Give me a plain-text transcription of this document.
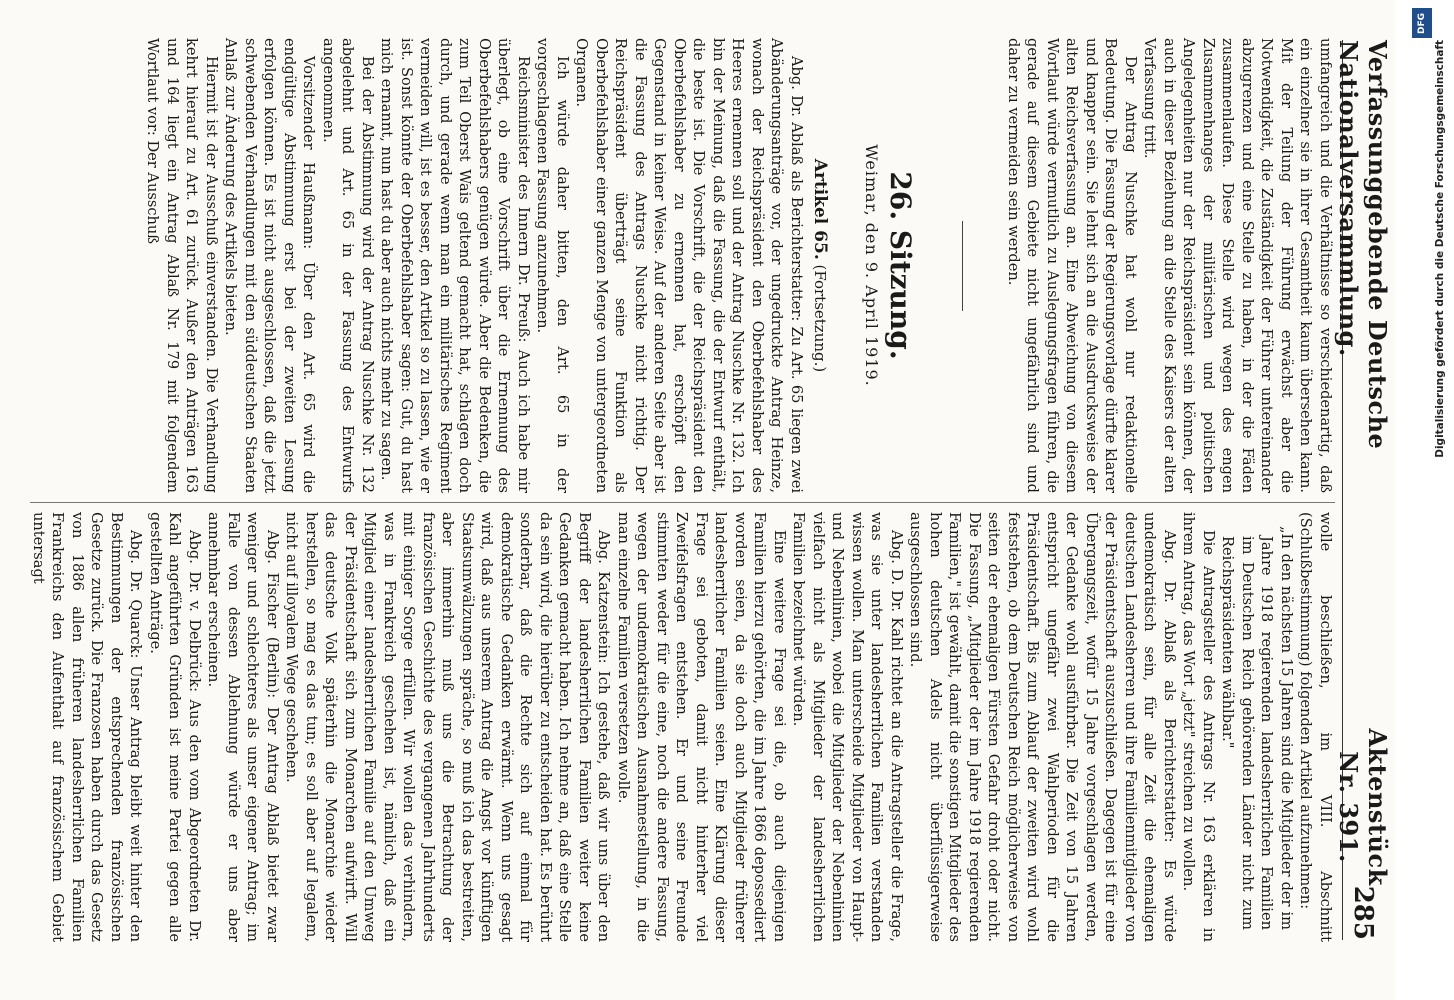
Verfassunggebende Deutsche Nationalversammlung.
Aktenstück Nr. 391.
285

umfangreich und die Verhältnisse so verschiedenartig, daß ein einzelner sie in ihrer Gesamtheit kaum übersehen kann. Mit der Teilung der Führung erwächst aber die Notwendigkeit, die Zuständigkeit der Führer untereinander abzugrenzen und eine Stelle zu haben, in der die Fäden zusammenlaufen. Diese Stelle wird wegen des engen Zusammenhanges der militärischen und politischen Angelegenheiten nur der Reichspräsident sein können, der auch in dieser Beziehung an die Stelle des Kaisers der alten Verfassung tritt.

Der Antrag Nuschke hat wohl nur redaktionelle Bedeutung. Die Fassung der Regierungsvorlage dürfte klarer und knapper sein. Sie lehnt sich an die Ausdrucksweise der alten Reichsverfassung an. Eine Abweichung von diesem Wortlaut würde vermutlich zu Auslegungsfragen führen, die gerade auf diesem Gebiete nicht ungefährlich sind und daher zu vermeiden sein werden.

26. Sitzung.
Weimar, den 9. April 1919.
Artikel 65. (Fortsetzung.)

Abg. Dr. Ablaß als Berichterstatter: Zu Art. 65 liegen zwei Abänderungsanträge vor, der ungedruckte Antrag Heinze, wonach der Reichspräsident den Oberbefehlshaber des Heeres ernennen soll und der Antrag Nuschke Nr. 132. Ich bin der Meinung, daß die Fassung, die der Entwurf enthält, die beste ist. Die Vorschrift, die der Reichspräsident den Oberbefehlshaber zu ernennen hat, erschöpft den Gegenstand in keiner Weise. Auf der anderen Seite aber ist die Fassung des Antrags Nuschke nicht richtig. Der Reichspräsident überträgt seine Funktion als Oberbefehlshaber einer ganzen Menge von untergeordneten Organen.

Ich würde daher bitten, den Art. 65 in der vorgeschlagenen Fassung anzunehmen.

Reichsminister des Innern Dr. Preuß: Auch ich habe mir überlegt, ob eine Vorschrift über die Ernennung des Oberbefehlshabers genügen würde. Aber die Bedenken, die zum Teil Oberst Wais geltend gemacht hat, schlagen doch durch, und gerade wenn man ein militärisches Regiment vermeiden will, ist es besser, den Artikel so zu lassen, wie er ist. Sonst könnte der Oberbefehlshaber sagen: Gut, du hast mich ernannt, nun hast du aber auch nichts mehr zu sagen.

Bei der Abstimmung wird der Antrag Nuschke Nr. 132 abgelehnt und Art. 65 in der Fassung des Entwurfs angenommen.

Vorsitzender Haußmann: Über den Art. 65 wird die endgültige Abstimmung erst bei der zweiten Lesung erfolgen können. Es ist nicht ausgeschlossen, daß die jetzt schwebenden Verhandlungen mit den süddeutschen Staaten Anlaß zur Änderung des Artikels bieten.

Hiermit ist der Ausschuß einverstanden. Die Verhandlung kehrt hierauf zu Art. 61 zurück. Außer den Anträgen 163 und 164 liegt ein Antrag Ablaß Nr. 179 mit folgendem Wortlaut vor: Der Ausschuß

wolle beschließen, im VIII. Abschnitt (Schlußbestimmung) folgenden Artikel aufzunehmen:

„In den nächsten 15 Jahren sind die Mitglieder der im Jahre 1918 regierenden landesherrlichen Familien im Deutschen Reich gehörenden Länder nicht zum Reichspräsidenten wählbar."

Die Antragsteller des Antrags Nr. 163 erklären in ihrem Antrag, das Wort „jetzt" streichen zu wollen.

Abg. Dr. Ablaß als Berichterstatter: Es würde undemokratisch sein, für alle Zeit die ehemaligen deutschen Landesherren und ihre Familienmitglieder von der Präsidentschaft auszuschließen. Dagegen ist für eine Übergangszeit, wofür 15 Jahre vorgeschlagen werden, der Gedanke wohl ausführbar. Die Zeit von 15 Jahren entspricht ungefähr zwei Wahlperioden für die Präsidentschaft. Bis zum Ablauf der zweiten wird wohl feststehen, ob dem Deutschen Reich möglicherweise von seiten der ehemaligen Fürsten Gefahr droht oder nicht. Die Fassung, „Mitglieder der im Jahre 1918 regierenden Familien," ist gewählt, damit die sonstigen Mitglieder des hohen deutschen Adels nicht überflüssigerweise ausgeschlossen sind.

Abg. D. Dr. Kahl richtet an die Antragsteller die Frage, was sie unter landesherrlichen Familien verstanden wissen wollen. Man unterscheide Mitglieder von Haupt- und Nebenlinien, wobei die Mitglieder der Nebenlinien vielfach nicht als Mitglieder der landesherrlichen Familien bezeichnet würden.

Eine weitere Frage sei die, ob auch diejenigen Familien hierzu gehörten, die im Jahre 1866 depossediert worden seien, da sie doch auch Mitglieder früherer landesherrlicher Familien seien. Eine Klärung dieser Frage sei geboten, damit nicht hinterher viel Zweifelsfragen entstehen. Er und seine Freunde stimmten weder für die eine, noch die andere Fassung, wegen der undemokratischen Ausnahmestellung, in die man einzelne Familien versetzen wolle.

Abg. Katzenstein: Ich gestehe, daß wir uns über den Begriff der landesherrlichen Familien weiter keine Gedanken gemacht haben. Ich nehme an, daß eine Stelle da sein wird, die hierüber zu entscheiden hat. Es berührt sonderbar, daß die Rechte sich auf einmal für demokratische Gedanken erwärmt. Wenn uns gesagt wird, daß aus unserem Antrag die Angst vor künftigen Staatsumwälzungen spräche, so muß ich das bestreiten, aber immerhin muß uns die Betrachtung der französischen Geschichte des vergangenen Jahrhunderts mit einiger Sorge erfüllen. Wir wollen das verhindern, was in Frankreich geschehen ist, nämlich, daß ein Mitglied einer landesherrlichen Familie auf den Umweg der Präsidentschaft sich zum Monarchen aufwirft. Will das deutsche Volk späterhin die Monarchie wieder herstellen, so mag es das tun; es soll aber auf legalem, nicht auf illoyalem Wege geschehen.

Abg. Fischer (Berlin): Der Antrag Ablaß bietet zwar weniger und schlechteres als unser eigener Antrag; im Falle von dessen Ablehnung würde er uns aber annehmbar erscheinen.

Abg. Dr. v. Delbrück: Aus den vom Abgeordneten Dr. Kahl angeführten Gründen ist meine Partei gegen alle gestellten Anträge.

Abg. Dr. Quarck: Unser Antrag bleibt weit hinter den Bestimmungen der entsprechenden französischen Gesetze zurück. Die Franzosen haben durch das Gesetz von 1886 allen früheren landesherrlichen Familien Frankreichs den Aufenthalt auf französischem Gebiet untersagt

DFG
Digitalisierung gefördert durch die Deutsche Forschungsgemeinschaft
